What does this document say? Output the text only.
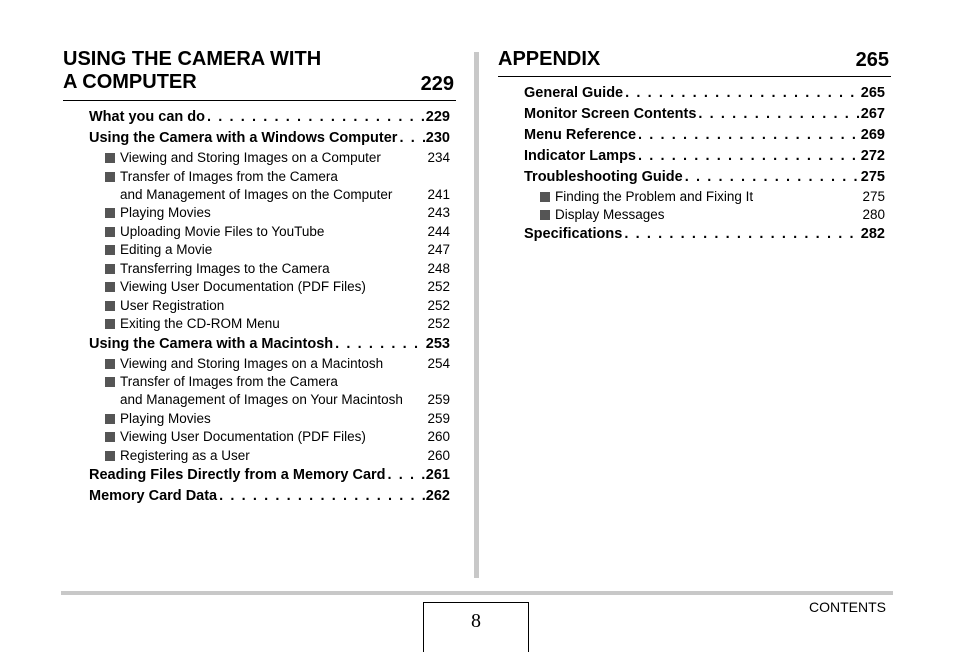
USING THE CAMERA WITH
A COMPUTER	229
What you can do . . .	229
Using the Camera with a Windows Computer . . . 230
Viewing and Storing Images on a Computer	234
Transfer of Images from the Camera
and Management of Images on the Computer	241
Playing Movies	243
Uploading Movie Files to YouTube	244
Editing a Movie	247
Transferring Images to the Camera	248
Viewing User Documentation (PDF Files)	252
User Registration	252
Exiting the CD-ROM Menu	252
Using the Camera with a Macintosh . . .	253
Viewing and Storing Images on a Macintosh	254
Transfer of Images from the Camera
and Management of Images on Your Macintosh	259
Playing Movies	259
Viewing User Documentation (PDF Files)	260
Registering as a User	260
Reading Files Directly from a Memory Card . . .	261
Memory Card Data . . .	262
APPENDIX	265
General Guide . . .	265
Monitor Screen Contents . . .	267
Menu Reference . . .	269
Indicator Lamps . . .	272
Troubleshooting Guide . . .	275
Finding the Problem and Fixing It	275
Display Messages	280
Specifications . . .	282
8
CONTENTS
